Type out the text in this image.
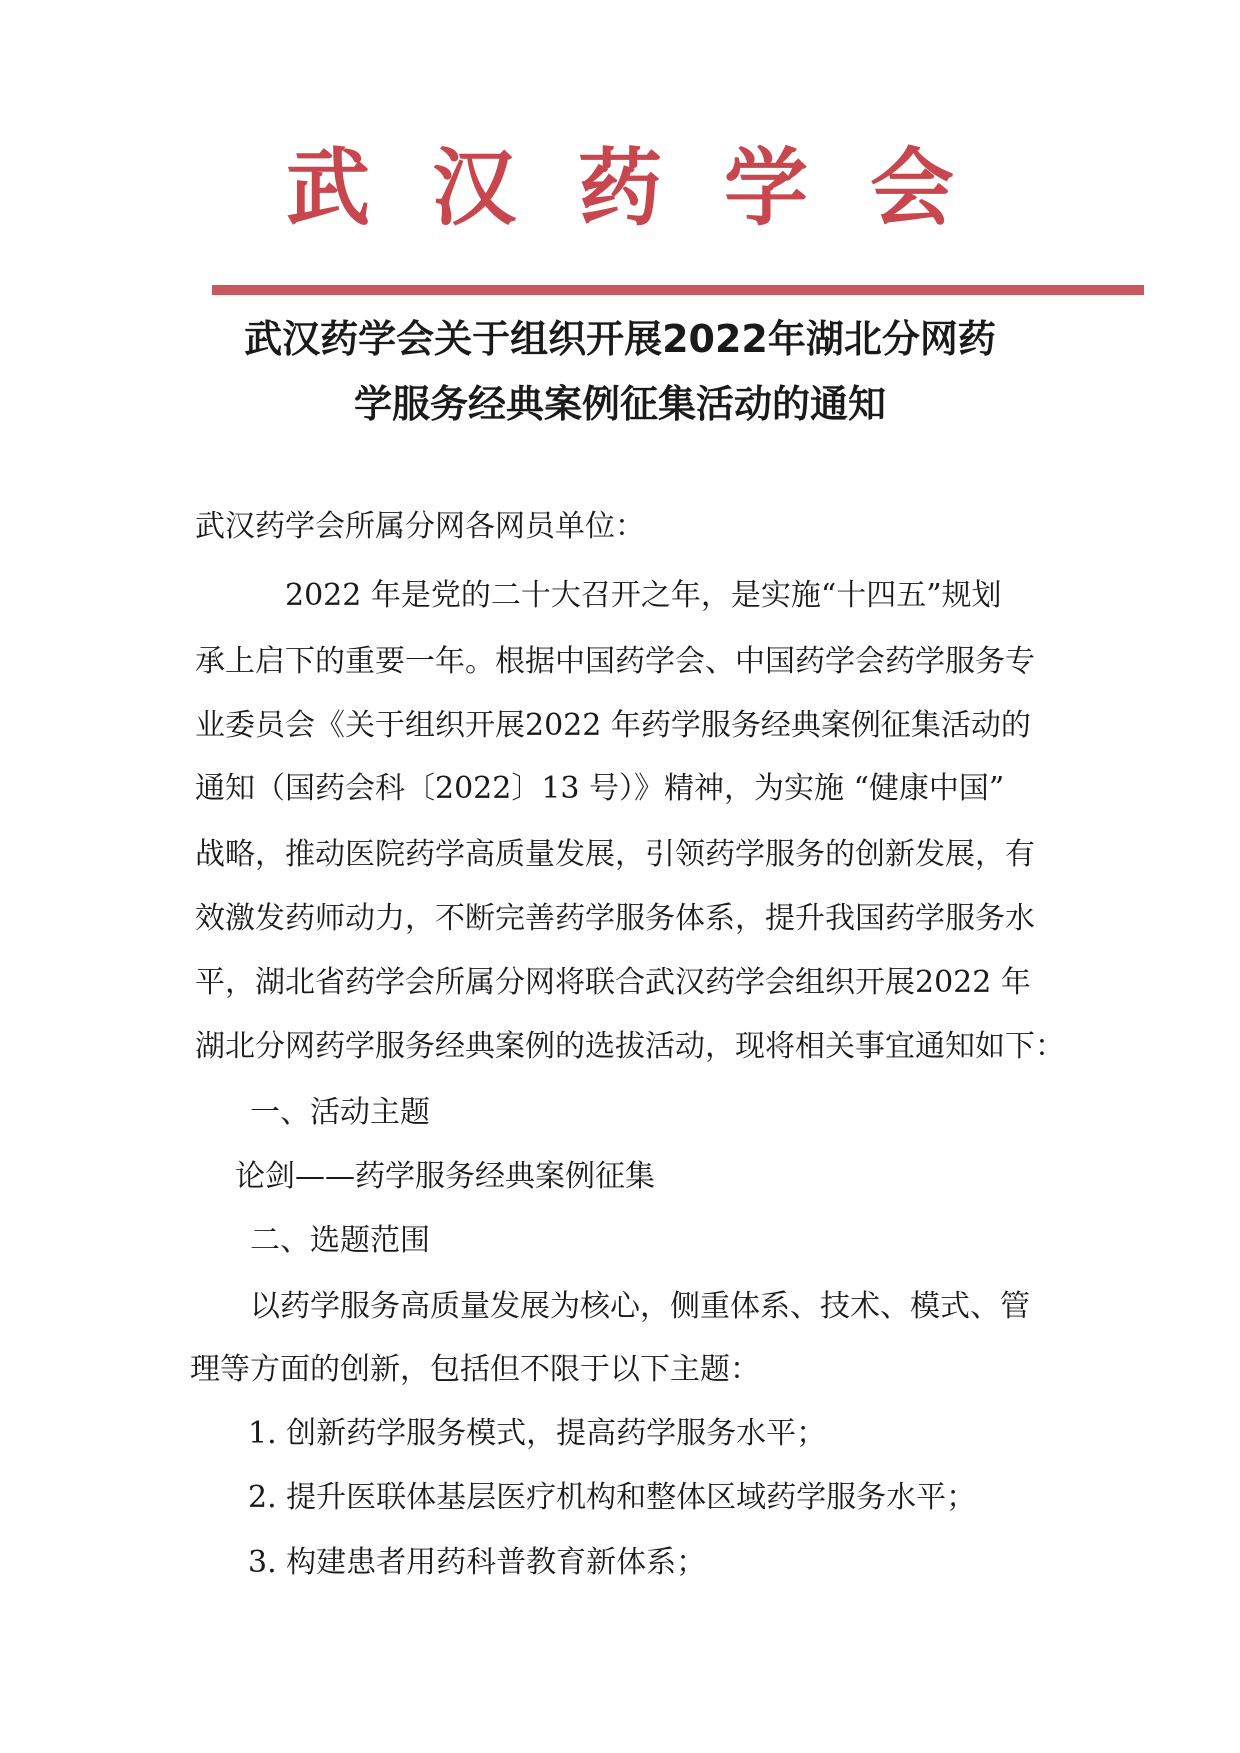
武汉药学会
武汉药学会关于组织开展2022年湖北分网药
学服务经典案例征集活动的通知
武汉药学会所属分网各网员单位：
2022 年是党的二十大召开之年，是实施“十四五”规划
承上启下的重要一年。根据中国药学会、中国药学会药学服务专
业委员会《关于组织开展2022 年药学服务经典案例征集活动的
通知（国药会科〔2022〕13 号）》精神，为实施 “健康中国”
战略，推动医院药学高质量发展，引领药学服务的创新发展，有
效激发药师动力，不断完善药学服务体系，提升我国药学服务水
平，湖北省药学会所属分网将联合武汉药学会组织开展2022 年
湖北分网药学服务经典案例的选拔活动，现将相关事宜通知如下：
一、活动主题
论剑——药学服务经典案例征集
二、选题范围
以药学服务高质量发展为核心，侧重体系、技术、模式、管
理等方面的创新，包括但不限于以下主题：
1. 创新药学服务模式，提高药学服务水平；
2. 提升医联体基层医疗机构和整体区域药学服务水平；
3. 构建患者用药科普教育新体系；
